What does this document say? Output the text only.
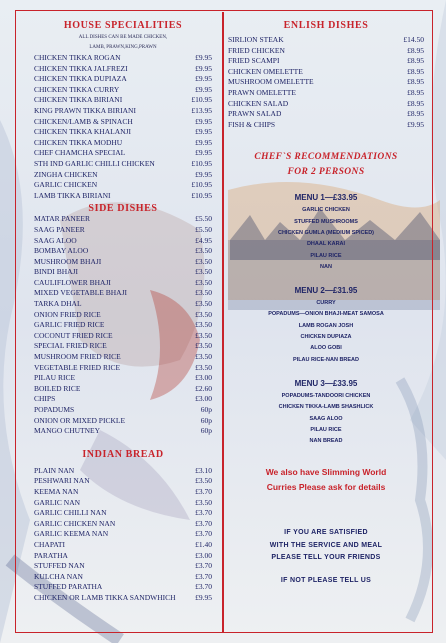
HOUSE SPECIALITIES
ALL DISHES CAN BE MADE CHICKEN,
LAMB, PRAWN,KING,PRAWN
CHICKEN TIKKA ROGAN	£9.95
CHICKEN TIKKA JALFREZI	£9.95
CHICKEN TIKKA DUPIAZA	£9.95
CHICKEN TIKKA CURRY	£9.95
CHICKEN TIKKA BIRIANI	£10.95
KING PRAWN TIKKA BIRIANI	£13.95
CHICKEN/LAMB & SPINACH	£9.95
CHICKEN TIKKA KHALANJI	£9.95
CHICKEN TIKKA MODHU	£9.95
CHEF CHAMCHA SPECIAL	£9.95
STH IND GARLIC CHILLI CHICKEN	£10.95
ZINGHA CHICKEN	£9.95
GARLIC CHICKEN	£10.95
LAMB TIKKA BIRIANI	£10.95
SIDE DISHES
MATAR PANEER	£5.50
SAAG PANEER	£5.50
SAAG ALOO	£4.95
BOMBAY ALOO	£3.50
MUSHROOM BHAJI	£3.50
BINDI BHAJI	£3.50
CAULIFLOWER BHAJI	£3.50
MIXED VEGETABLE BHAJI	£3.50
TARKA DHAL	£3.50
ONION FRIED RICE	£3.50
GARLIC FRIED RICE	£3.50
COCONUT FRIED RICE	£3.50
SPECIAL FRIED RICE	£3.50
MUSHROOM FRIED RICE	£3.50
VEGETABLE FRIED RICE	£3.50
PILAU RICE	£3.00
BOILED RICE	£2.60
CHIPS	£3.00
POPADUMS	60p
ONION OR MIXED PICKLE	60p
MANGO CHUTNEY	60p
INDIAN BREAD
PLAIN NAN	£3.10
PESHWARI NAN	£3.50
KEEMA NAN	£3.70
GARLIC NAN	£3.50
GARLIC CHILLI NAN	£3.70
GARLIC CHICKEN NAN	£3.70
GARLIC KEEMA NAN	£3.70
CHAPATI	£1.40
PARATHA	£3.00
STUFFED NAN	£3.70
KULCHA NAN	£3.70
STUFFED PARATHA	£3.70
CHICKEN OR LAMB TIKKA SANDWHICH	£9.95
ENLISH DISHES
SIRLION STEAK	£14.50
FRIED CHICKEN	£8.95
FRIED SCAMPI	£8.95
CHICKEN OMELETTE	£8.95
MUSHROOM OMELETTE	£8.95
PRAWN OMELETTE	£8.95
CHICKEN SALAD	£8.95
PRAWN SALAD	£8.95
FISH & CHIPS	£9.95
CHEF`S RECOMMENDATIONS
FOR 2 PERSONS
MENU 1—£33.95
GARLIC CHICKEN
STUFFED MUSHROOMS
CHICKEN GUMLA (MEDIUM SPICED)
DHAAL KARAI
PILAU RICE
NAN
MENU 2—£31.95
CURRY
POPADUMS—ONION BHAJI-MEAT SAMOSA
LAMB ROGAN JOSH
CHICKEN DUPIAZA
ALOO GOBI
PILAU RICE-NAN BREAD
MENU 3—£33.95
POPADUMS-TANDOORI CHICKEN
CHICKEN TIKKA-LAMB SHASHLICK
SAAG ALOO
PILAU RICE
NAN BREAD
We also have Slimming World
Curries Please ask for details
IF YOU ARE SATISFIED
WITH THE SERVICE AND MEAL
PLEASE TELL YOUR FRIENDS
IF NOT PLEASE TELL US
